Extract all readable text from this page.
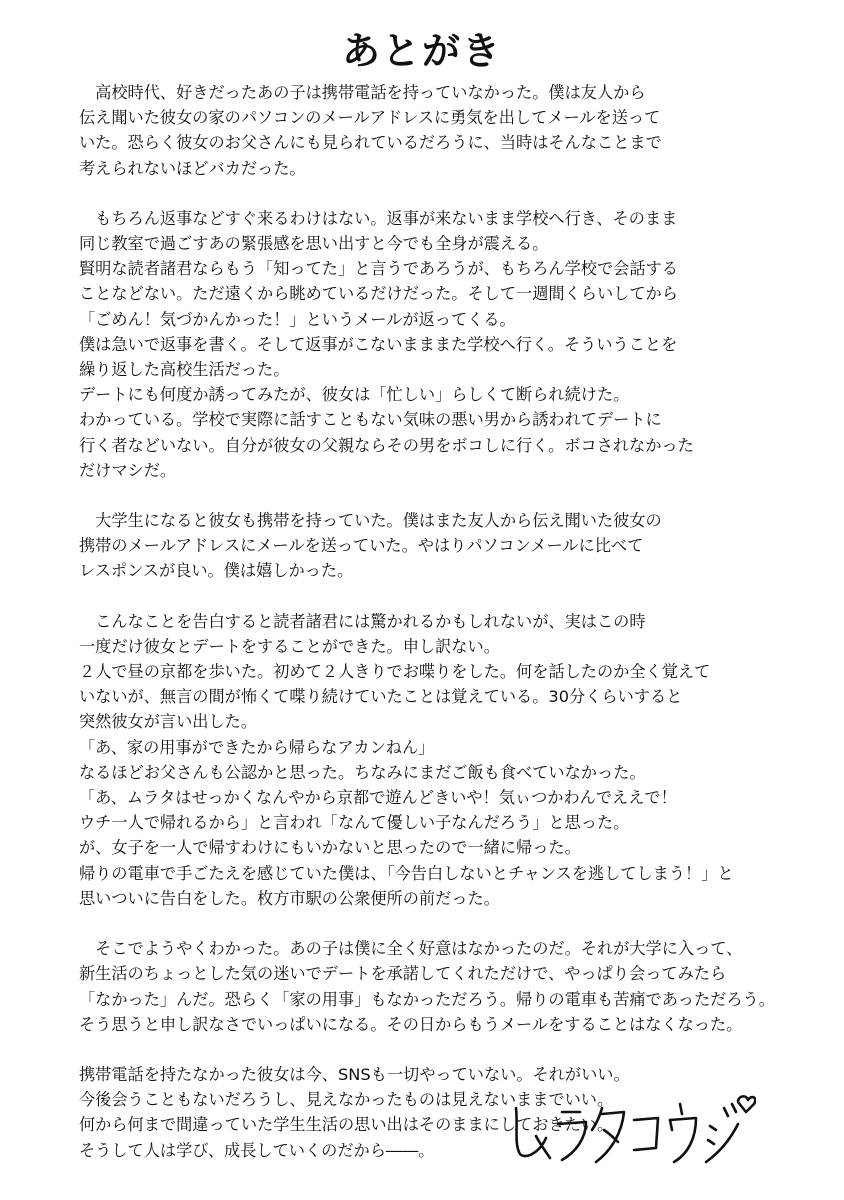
あとがき
　高校時代、好きだったあの子は携帯電話を持っていなかった。僕は友人から
伝え聞いた彼女の家のパソコンのメールアドレスに勇気を出してメールを送って
いた。恐らく彼女のお父さんにも見られているだろうに、当時はそんなことまで
考えられないほどバカだった。
　もちろん返事などすぐ来るわけはない。返事が来ないまま学校へ行き、そのまま
同じ教室で過ごすあの緊張感を思い出すと今でも全身が震える。
賢明な読者諸君ならもう「知ってた」と言うであろうが、もちろん学校で会話する
ことなどない。ただ遠くから眺めているだけだった。そして一週間くらいしてから
「ごめん！気づかんかった！」というメールが返ってくる。
僕は急いで返事を書く。そして返事がこないまままた学校へ行く。そういうことを
繰り返した高校生活だった。
デートにも何度か誘ってみたが、彼女は「忙しい」らしくて断られ続けた。
わかっている。学校で実際に話すこともない気味の悪い男から誘われてデートに
行く者などいない。自分が彼女の父親ならその男をボコしに行く。ボコされなかった
だけマシだ。
　大学生になると彼女も携帯を持っていた。僕はまた友人から伝え聞いた彼女の
携帯のメールアドレスにメールを送っていた。やはりパソコンメールに比べて
レスポンスが良い。僕は嬉しかった。
　こんなことを告白すると読者諸君には驚かれるかもしれないが、実はこの時
一度だけ彼女とデートをすることができた。申し訳ない。
２人で昼の京都を歩いた。初めて２人きりでお喋りをした。何を話したのか全く覚えて
いないが、無言の間が怖くて喋り続けていたことは覚えている。30分くらいすると
突然彼女が言い出した。
「あ、家の用事ができたから帰らなアカンねん」
なるほどお父さんも公認かと思った。ちなみにまだご飯も食べていなかった。
「あ、ムラタはせっかくなんやから京都で遊んどきいや！気ぃつかわんでええで！
ウチ一人で帰れるから」と言われ「なんて優しい子なんだろう」と思った。
が、女子を一人で帰すわけにもいかないと思ったので一緒に帰った。
帰りの電車で手ごたえを感じていた僕は、「今告白しないとチャンスを逃してしまう！」と
思いついに告白をした。枚方市駅の公衆便所の前だった。
　そこでようやくわかった。あの子は僕に全く好意はなかったのだ。それが大学に入って、
新生活のちょっとした気の迷いでデートを承諾してくれただけで、やっぱり会ってみたら
「なかった」んだ。恐らく「家の用事」もなかっただろう。帰りの電車も苦痛であっただろう。
そう思うと申し訳なさでいっぱいになる。その日からもうメールをすることはなくなった。
携帯電話を持たなかった彼女は今、SNSも一切やっていない。それがいい。
今後会うこともないだろうし、見えなかったものは見えないままでいい。
何から何まで間違っていた学生生活の思い出はそのままにしておきたい。
そうして人は学び、成長していくのだから――。
